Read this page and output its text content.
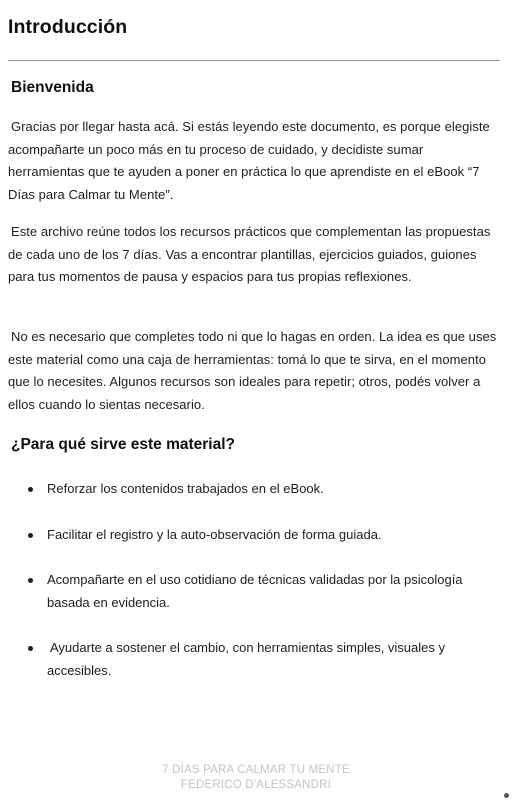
Introducción
Bienvenida

Gracias por llegar hasta acá. Si estás leyendo este documento, es porque elegiste acompañarte un poco más en tu proceso de cuidado, y decidiste sumar herramientas que te ayuden a poner en práctica lo que aprendiste en el eBook “7 Días para Calmar tu Mente”.

Este archivo reúne todos los recursos prácticos que complementan las propuestas de cada uno de los 7 días. Vas a encontrar plantillas, ejercicios guiados, guiones para tus momentos de pausa y espacios para tus propias reflexiones.

No es necesario que completes todo ni que lo hagas en orden. La idea es que uses este material como una caja de herramientas: tomá lo que te sirva, en el momento que lo necesites. Algunos recursos son ideales para repetir; otros, podés volver a ellos cuando lo sientas necesario.

¿Para qué sirve este material?
Reforzar los contenidos trabajados en el eBook.
Facilitar el registro y la auto-observación de forma guiada.
Acompañarte en el uso cotidiano de técnicas validadas por la psicología basada en evidencia.
Ayudarte a sostener el cambio, con herramientas simples, visuales y accesibles.
7 DÍAS PARA CALMAR TU MENTE
FEDERICO D'ALESSANDRI
